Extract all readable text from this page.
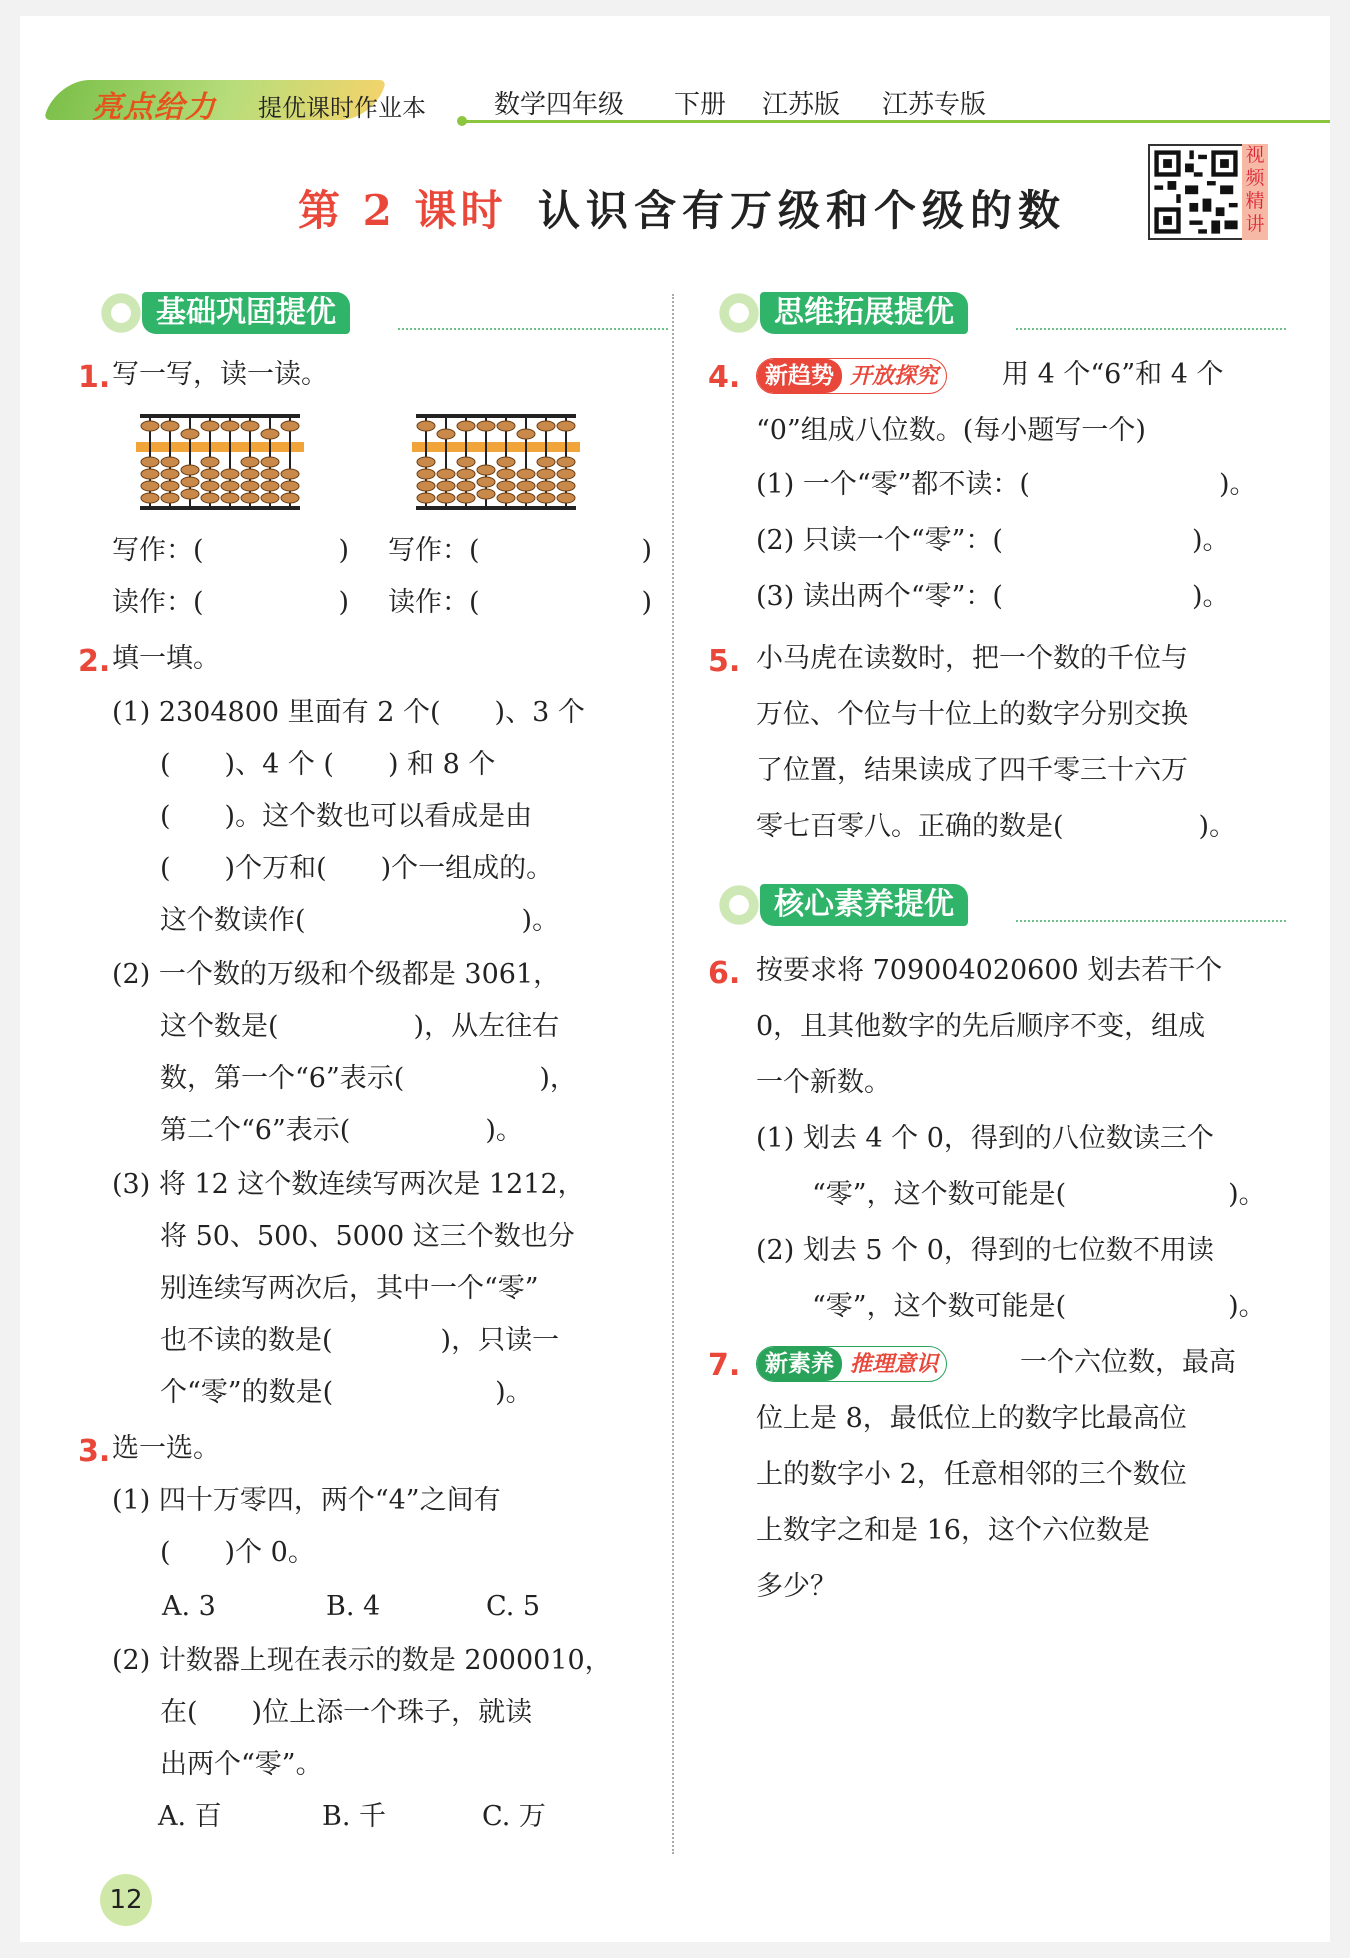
亮点给力 提优课时作业本	数学四年级 下册 江苏版 江苏专版
第 2 课时 认识含有万级和个级的数
视频精讲
基础巩固提优	思维拓展提优
1. 写一写，读一读。
写作：(　　　　　) 写作：(　　　　　　)
读作：(　　　　　) 读作：(　　　　　　)
2. 填一填。
(1) 2304800 里面有 2 个(　　)、3 个
(　　)、4 个 (　　) 和 8 个
(　　)。这个数也可以看成是由
(　　)个万和(　　)个一组成的。
这个数读作(　　　　　　　　)。
(2) 一个数的万级和个级都是 3061，
这个数是(　　　　　)，从左往右
数，第一个“6”表示(　　　　　)，
第二个“6”表示(　　　　　)。
(3) 将 12 这个数连续写两次是 1212，
将 50、500、5000 这三个数也分
别连续写两次后，其中一个“零”
也不读的数是(　　　　)，只读一
个“零”的数是(　　　　　　)。
3. 选一选。
(1) 四十万零四，两个“4”之间有
(　　)个 0。
A. 3	B. 4	C. 5
(2) 计数器上现在表示的数是 2000010，
在(　　)位上添一个珠子，就读
出两个“零”。
A. 百	B. 千	C. 万
4.	新趋势 开放探究	用 4 个“6”和 4 个
“0”组成八位数。(每小题写一个)
(1) 一个“零”都不读：(　　　　　　　)。
(2) 只读一个“零”：(　　　　　　　)。
(3) 读出两个“零”：(　　　　　　　)。
5. 小马虎在读数时，把一个数的千位与
万位、个位与十位上的数字分别交换
了位置，结果读成了四千零三十六万
零七百零八。正确的数是(　　　　　)。
核心素养提优
6. 按要求将 709004020600 划去若干个
0，且其他数字的先后顺序不变，组成
一个新数。
(1) 划去 4 个 0，得到的八位数读三个
“零”，这个数可能是(　　　　　　)。
(2) 划去 5 个 0，得到的七位数不用读
“零”，这个数可能是(　　　　　　)。
7.	新素养 推理意识	一个六位数，最高
位上是 8，最低位上的数字比最高位
上的数字小 2，任意相邻的三个数位
上数字之和是 16，这个六位数是
多少？
12
